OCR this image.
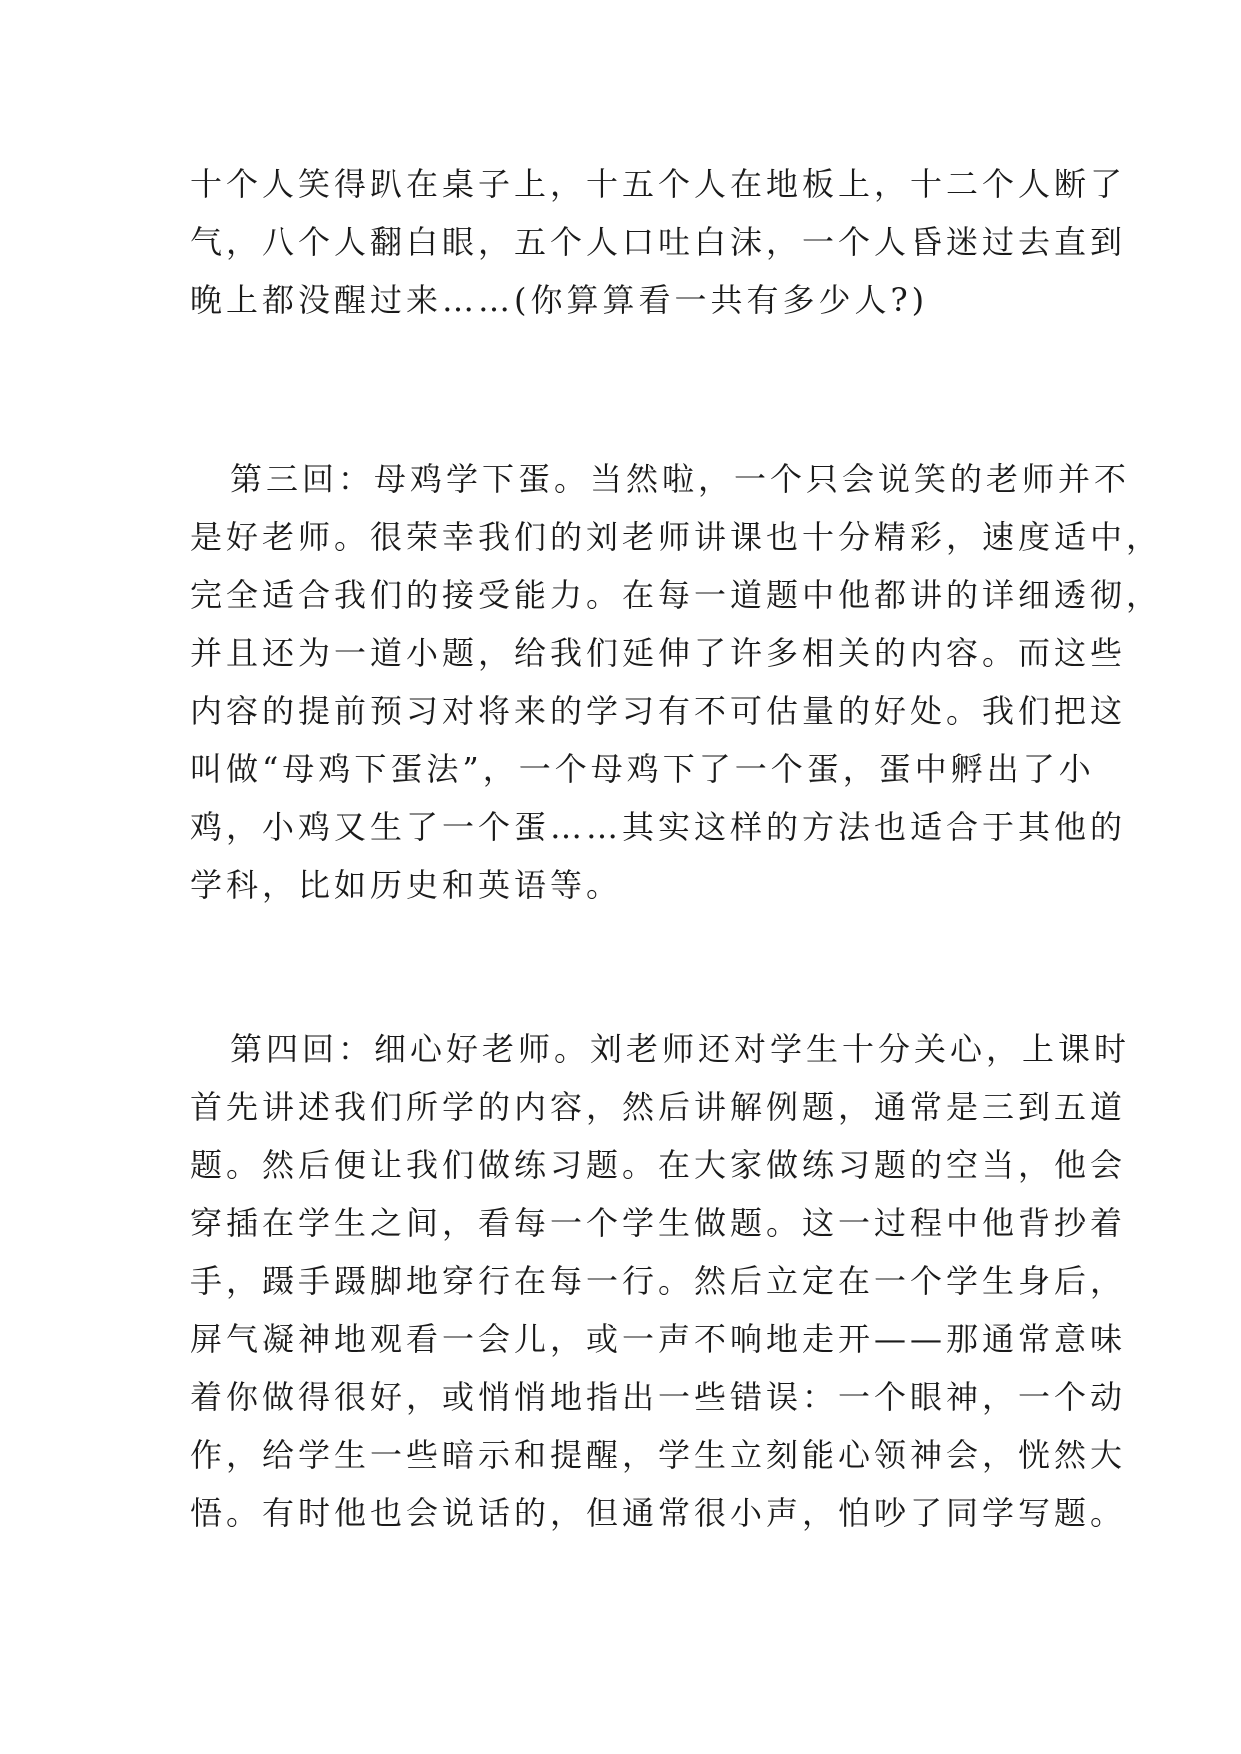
十个人笑得趴在桌子上，十五个人在地板上，十二个人断了
气，八个人翻白眼，五个人口吐白沫，一个人昏迷过去直到
晚上都没醒过来……(你算算看一共有多少人?)
第三回：母鸡学下蛋。当然啦，一个只会说笑的老师并不
是好老师。很荣幸我们的刘老师讲课也十分精彩，速度适中，
完全适合我们的接受能力。在每一道题中他都讲的详细透彻，
并且还为一道小题，给我们延伸了许多相关的内容。而这些
内容的提前预习对将来的学习有不可估量的好处。我们把这
叫做“母鸡下蛋法”，一个母鸡下了一个蛋，蛋中孵出了小
鸡，小鸡又生了一个蛋……其实这样的方法也适合于其他的
学科，比如历史和英语等。
第四回：细心好老师。刘老师还对学生十分关心，上课时
首先讲述我们所学的内容，然后讲解例题，通常是三到五道
题。然后便让我们做练习题。在大家做练习题的空当，他会
穿插在学生之间，看每一个学生做题。这一过程中他背抄着
手，蹑手蹑脚地穿行在每一行。然后立定在一个学生身后，
屏气凝神地观看一会儿，或一声不响地走开——那通常意味
着你做得很好，或悄悄地指出一些错误：一个眼神，一个动
作，给学生一些暗示和提醒，学生立刻能心领神会，恍然大
悟。有时他也会说话的，但通常很小声，怕吵了同学写题。
